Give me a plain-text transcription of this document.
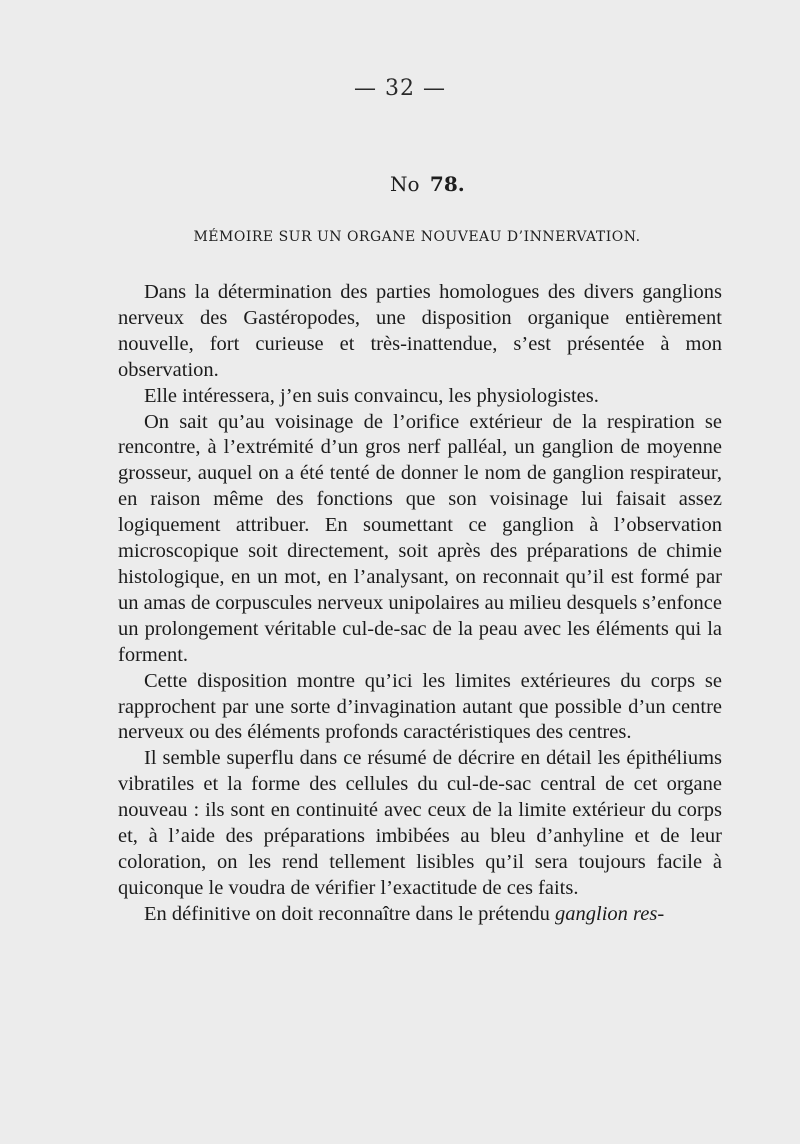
— 32 —
No 78.
MÉMOIRE SUR UN ORGANE NOUVEAU D’INNERVATION.

Dans la détermination des parties homologues des divers ganglions nerveux des Gastéropodes, une disposition organique entièrement nouvelle, fort curieuse et très-inattendue, s’est présentée à mon observation.

Elle intéressera, j’en suis convaincu, les physiologistes.

On sait qu’au voisinage de l’orifice extérieur de la respiration se rencontre, à l’extrémité d’un gros nerf palléal, un ganglion de moyenne grosseur, auquel on a été tenté de donner le nom de ganglion respirateur, en raison même des fonctions que son voisinage lui faisait assez logiquement attribuer. En soumettant ce ganglion à l’observation microscopique soit directement, soit après des préparations de chimie histologique, en un mot, en l’analysant, on reconnait qu’il est formé par un amas de corpuscules nerveux unipolaires au milieu desquels s’enfonce un prolongement véritable cul-de-sac de la peau avec les éléments qui la forment.

Cette disposition montre qu’ici les limites extérieures du corps se rapprochent par une sorte d’invagination autant que possible d’un centre nerveux ou des éléments profonds caractéristiques des centres.

Il semble superflu dans ce résumé de décrire en détail les épithéliums vibratiles et la forme des cellules du cul-de-sac central de cet organe nouveau : ils sont en continuité avec ceux de la limite extérieur du corps et, à l’aide des préparations imbibées au bleu d’anhyline et de leur coloration, on les rend tellement lisibles qu’il sera toujours facile à quiconque le voudra de vérifier l’exactitude de ces faits.

En définitive on doit reconnaître dans le prétendu ganglion res-
